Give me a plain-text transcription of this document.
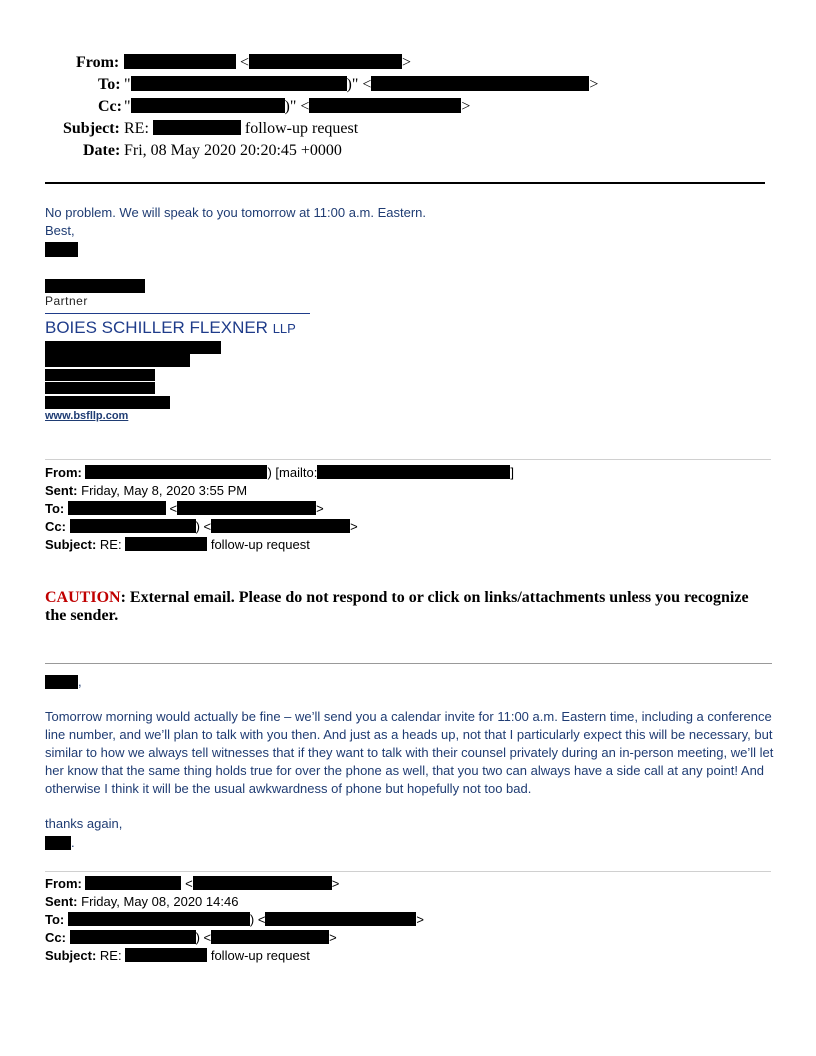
From:	<	>
To: "	)" <	>
Cc: "	)" <	>
Subject: RE:	follow-up request
Date: Fri, 08 May 2020 20:20:45 +0000
No problem. We will speak to you tomorrow at 11:00 a.m. Eastern.
Best,
Partner
BOIES SCHILLER FLEXNER LLP
www.bsfllp.com
From:	) [mailto:	]
Sent: Friday, May 8, 2020 3:55 PM
To:	<	>
Cc:	) <	>
Subject: RE:	follow-up request
CAUTION: External email. Please do not respond to or click on links/attachments unless you recognize the sender.
,
Tomorrow morning would actually be fine – we’ll send you a calendar invite for 11:00 a.m. Eastern time, including a conference line number, and we’ll plan to talk with you then. And just as a heads up, not that I particularly expect this will be necessary, but similar to how we always tell witnesses that if they want to talk with their counsel privately during an in-person meeting, we’ll let her know that the same thing holds true for over the phone as well, that you two can always have a side call at any point! And otherwise I think it will be the usual awkwardness of phone but hopefully not too bad.
thanks again,
.
From:	<	>
Sent: Friday, May 08, 2020 14:46
To:	) <	>
Cc:	) <	>
Subject: RE:	follow-up request
